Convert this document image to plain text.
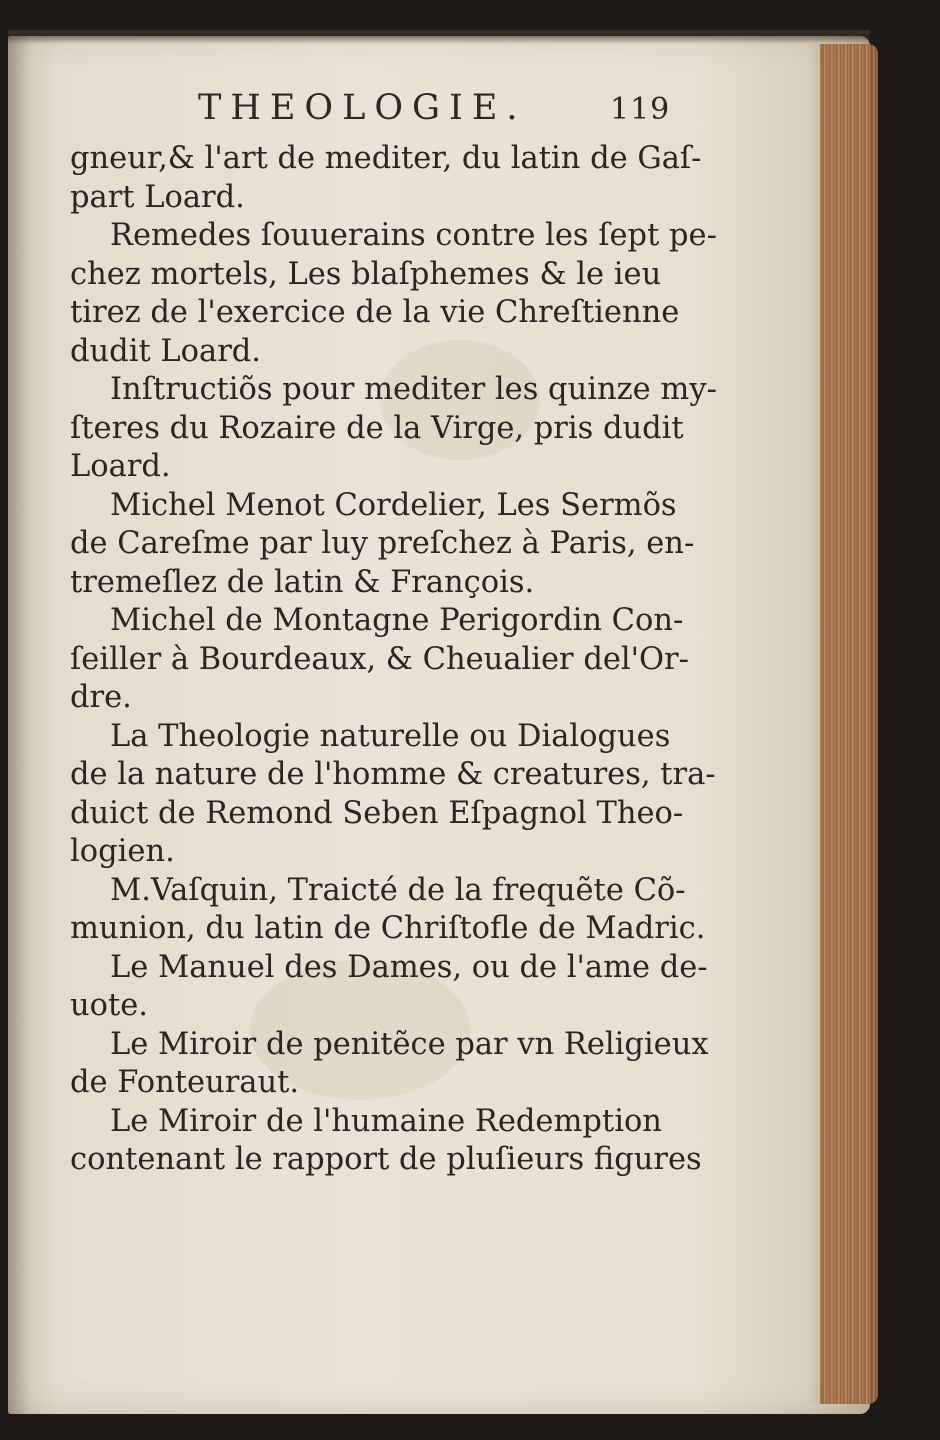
THEOLOGIE.	119
gneur,& l'art de mediter, du latin de Gaſ-
part Loard.
Remedes ſouuerains contre les ſept pe-
chez mortels, Les blaſphemes & le ieu
tirez de l'exercice de la vie Chreſtienne
dudit Loard.
Inſtructiõs pour mediter les quinze my-
ſteres du Rozaire de la Virge, pris dudit
Loard.
Michel Menot Cordelier, Les Sermõs
de Careſme par luy preſchez à Paris, en-
tremeſlez de latin & François.
Michel de Montagne Perigordin Con-
ſeiller à Bourdeaux, & Cheualier del'Or-
dre.
La Theologie naturelle ou Dialogues
de la nature de l'homme & creatures, tra-
duict de Remond Seben Eſpagnol Theo-
logien.
M.Vaſquin, Traicté de la frequẽte Cõ-
munion, du latin de Chriſtofle de Madric.
Le Manuel des Dames, ou de l'ame de-
uote.
Le Miroir de penitẽce par vn Religieux
de Fonteuraut.
Le Miroir de l'humaine Redemption
contenant le rapport de pluſieurs figures
